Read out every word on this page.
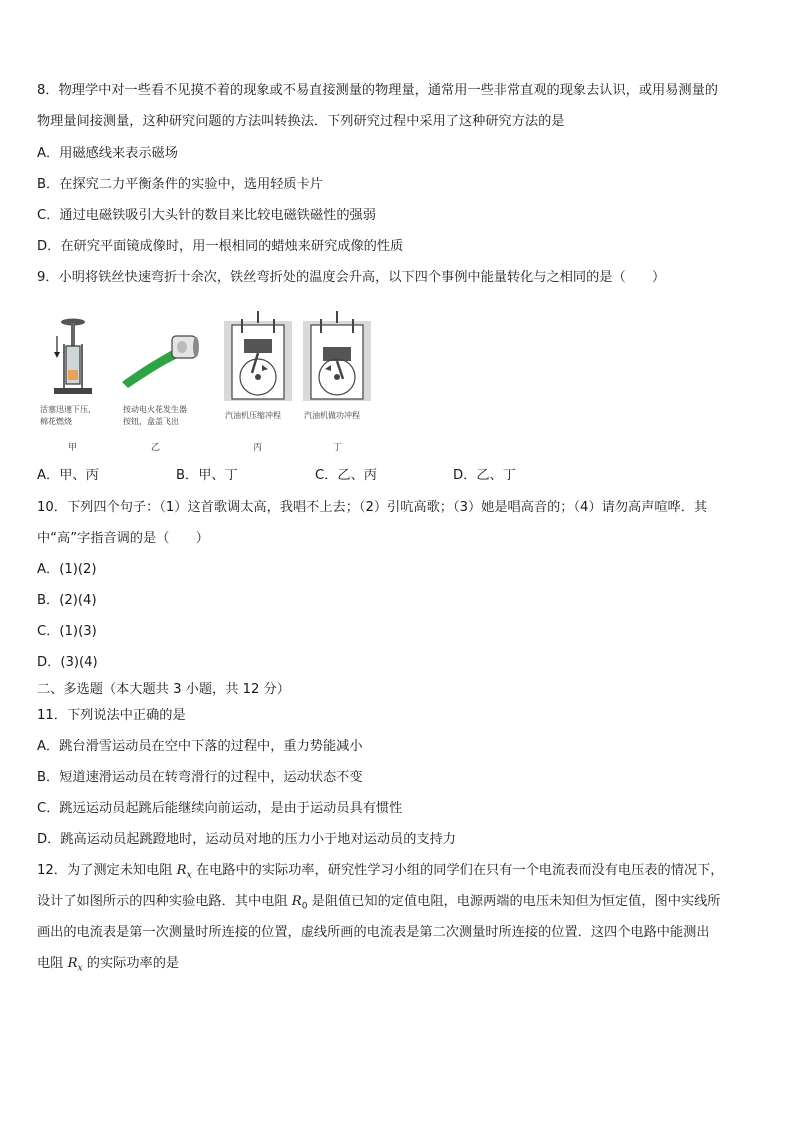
8．物理学中对一些看不见摸不着的现象或不易直接测量的物理量，通常用一些非常直观的现象去认识，或用易测量的
物理量间接测量，这种研究问题的方法叫转换法．下列研究过程中采用了这种研究方法的是
A．用磁感线来表示磁场
B．在探究二力平衡条件的实验中，选用轻质卡片
C．通过电磁铁吸引大头针的数目来比较电磁铁磁性的强弱
D．在研究平面镜成像时，用一根相同的蜡烛来研究成像的性质
9．小明将铁丝快速弯折十余次，铁丝弯折处的温度会升高，以下四个事例中能量转化与之相同的是（　　）
活塞迅速下压，
棉花燃烧
甲
按动电火花发生器
按钮，盒盖飞出
乙
汽油机压缩冲程
丙
汽油机做功冲程
丁
A．甲、丙	B．甲、丁	C．乙、丙	D．乙、丁
10．下列四个句子：（1）这首歌调太高，我唱不上去；（2）引吭高歌；（3）她是唱高音的；（4）请勿高声喧哗．其
中“高”字指音调的是（　　）
A．(1)(2)
B．(2)(4)
C．(1)(3)
D．(3)(4)
二、多选题（本大题共 3 小题，共 12 分）
11．下列说法中正确的是
A．跳台滑雪运动员在空中下落的过程中，重力势能减小
B．短道速滑运动员在转弯滑行的过程中，运动状态不变
C．跳远运动员起跳后能继续向前运动，是由于运动员具有惯性
D．跳高运动员起跳蹬地时，运动员对地的压力小于地对运动员的支持力
12．为了测定未知电阻 $R_x$ 在电路中的实际功率，研究性学习小组的同学们在只有一个电流表而没有电压表的情况下，
设计了如图所示的四种实验电路．其中电阻 $R_0$ 是阻值已知的定值电阻，电源两端的电压未知但为恒定值，图中实线所
画出的电流表是第一次测量时所连接的位置，虚线所画的电流表是第二次测量时所连接的位置．这四个电路中能测出
电阻 $R_x$ 的实际功率的是
